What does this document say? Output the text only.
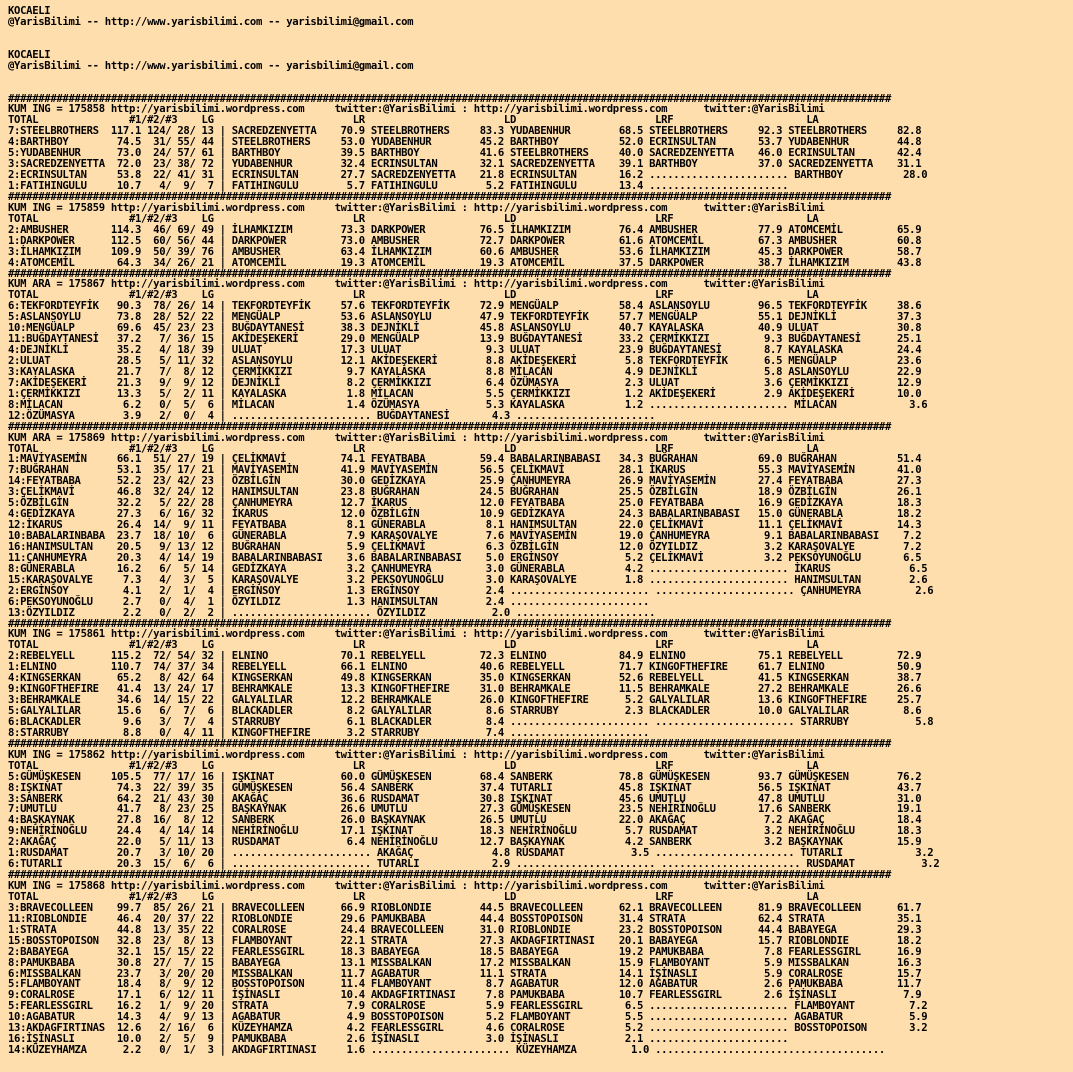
KOCAELI
@YarisBilimi -- http://www.yarisbilimi.com -- yarisbilimi@gmail.com
KOCAELI
@YarisBilimi -- http://www.yarisbilimi.com -- yarisbilimi@gmail.com
##################################################################################################################################################
KUM ING = 175858 http://yarisbilimi.wordpress.com     twitter:@YarisBilimi : http://yarisbilimi.wordpress.com      twitter:@YarisBilimi
TOTAL               #1/#2/#3    LG                       LR                       LD                       LRF                      LA
7:STEELBROTHERS  117.1 124/ 28/ 13 | SACREDZENYETTA    70.9 STEELBROTHERS     83.3 YUDABENHUR        68.5 STEELBROTHERS     92.3 STEELBROTHERS     82.8
4:BARTHBOY        74.5  31/ 55/ 44 | STEELBROTHERS     53.0 YUDABENHUR        45.2 BARTHBOY          52.0 ECRINSULTAN       53.7 YUDABENHUR        44.8
5:YUDABENHUR      73.0  24/ 57/ 61 | BARTHBOY          39.5 BARTHBOY          41.6 STEELBROTHERS     40.0 SACREDZENYETTA    46.0 ECRINSULTAN       42.4
3:SACREDZENYETTA  72.0  23/ 38/ 72 | YUDABENHUR        32.4 ECRINSULTAN       32.1 SACREDZENYETTA    39.1 BARTHBOY          37.0 SACREDZENYETTA    31.1
2:ECRINSULTAN     53.8  22/ 41/ 31 | ECRINSULTAN       27.7 SACREDZENYETTA    21.8 ECRINSULTAN       16.2 ....................... BARTHBOY          28.0
1:FATIHINGULU     10.7   4/  9/  7 | FATIHINGULU        5.7 FATIHINGULU        5.2 FATIHINGULU       13.4 .......................
##################################################################################################################################################
KUM ING = 175859 http://yarisbilimi.wordpress.com     twitter:@YarisBilimi : http://yarisbilimi.wordpress.com      twitter:@YarisBilimi
TOTAL               #1/#2/#3    LG                       LR                       LD                       LRF                      LA
2:AMBUSHER       114.3  46/ 69/ 49 | İLHAMKIZIM        73.3 DARKPOWER         76.5 İLHAMKIZIM        76.4 AMBUSHER          77.9 ATOMCEMİL         65.9
1:DARKPOWER      112.5  60/ 56/ 44 | DARKPOWER         73.0 AMBUSHER          72.7 DARKPOWER         61.6 ATOMCEMİL         67.3 AMBUSHER          60.8
3:İLHAMKIZIM     109.9  50/ 39/ 76 | AMBUSHER          63.4 İLHAMKIZIM        60.6 AMBUSHER          53.6 İLHAMKIZIM        45.3 DARKPOWER         58.7
4:ATOMCEMİL       64.3  34/ 26/ 21 | ATOMCEMİL         19.3 ATOMCEMİL         19.3 ATOMCEMİL         37.5 DARKPOWER         38.7 İLHAMKIZIM        43.8
##################################################################################################################################################
KUM ARA = 175867 http://yarisbilimi.wordpress.com     twitter:@YarisBilimi : http://yarisbilimi.wordpress.com      twitter:@YarisBilimi
TOTAL               #1/#2/#3    LG                       LR                       LD                       LRF                      LA
6:TEKFORDTEYFİK   90.3  78/ 26/ 14 | TEKFORDTEYFİK     57.6 TEKFORDTEYFİK     72.9 MENGÜALP          58.4 ASLANSOYLU        96.5 TEKFORDTEYFİK     38.6
5:ASLANSOYLU      73.8  28/ 52/ 22 | MENGÜALP          53.6 ASLANSOYLU        47.9 TEKFORDTEYFİK     57.7 MENGÜALP          55.1 DEJNİKLİ          37.3
10:MENGÜALP       69.6  45/ 23/ 23 | BUĞDAYTANESİ      38.3 DEJNİKLİ          45.8 ASLANSOYLU        40.7 KAYALASKA         40.9 ULUAT             30.8
11:BUĞDAYTANESİ   37.2   7/ 36/ 15 | AKİDEŞEKERİ       29.0 MENGÜALP          13.9 BUĞDAYTANESİ      33.2 ÇERMİKKIZI         9.3 BUĞDAYTANESİ      25.1
4:DEJNİKLİ        35.2   4/ 18/ 39 | ULUAT             17.3 ULUAT              9.3 ULUAT             23.9 BUĞDAYTANESİ       8.7 KAYALASKA         24.4
2:ULUAT           28.5   5/ 11/ 32 | ASLANSOYLU        12.1 AKİDEŞEKERİ        8.8 AKİDEŞEKERİ        5.8 TEKFORDTEYFİK      6.5 MENGÜALP          23.6
3:KAYALASKA       21.7   7/  8/ 12 | ÇERMİKKIZI         9.7 KAYALASKA          8.8 MİLACAN            4.9 DEJNİKLİ           5.8 ASLANSOYLU        22.9
7:AKİDEŞEKERİ     21.3   9/  9/ 12 | DEJNİKLİ           8.2 ÇERMİKKIZI         6.4 ÖZÜMASYA           2.3 ULUAT              3.6 ÇERMİKKIZI        12.9
1:ÇERMİKKIZI      13.3   5/  2/ 11 | KAYALASKA          1.8 MİLACAN            5.5 ÇERMİKKIZI         1.2 AKİDEŞEKERİ        2.9 AKİDEŞEKERİ       10.0
8:MİLACAN          6.2   0/  5/  6 | MİLACAN            1.4 ÖZÜMASYA           5.3 KAYALASKA          1.2 ....................... MİLACAN            3.6
12:ÖZÜMASYA        3.9   2/  0/  4 | ....................... BUĞDAYTANESİ       4.3 .......................
##################################################################################################################################################
KUM ARA = 175869 http://yarisbilimi.wordpress.com     twitter:@YarisBilimi : http://yarisbilimi.wordpress.com      twitter:@YarisBilimi
TOTAL               #1/#2/#3    LG                       LR                       LD                       LRF                      LA
1:MAVİYASEMİN     66.1  51/ 27/ 19 | ÇELİKMAVİ         74.1 FEYATBABA         59.4 BABALARINBABASI   34.3 BUĞRAHAN          69.0 BUĞRAHAN          51.4
7:BUĞRAHAN        53.1  35/ 17/ 21 | MAVİYASEMİN       41.9 MAVİYASEMİN       56.5 ÇELİKMAVİ         28.1 İKARUS            55.3 MAVİYASEMİN       41.0
14:FEYATBABA      52.2  23/ 42/ 23 | ÖZBİLGİN          30.0 GEDİZKAYA         25.9 ÇANHUMEYRA        26.9 MAVİYASEMİN       27.4 FEYATBABA         27.3
3:ÇELİKMAVİ       46.8  32/ 24/ 12 | HANIMSULTAN       23.8 BUĞRAHAN          24.5 BUĞRAHAN          25.5 ÖZBİLGİN          18.9 ÖZBİLGİN          26.1
5:ÖZBİLGİN        32.2   5/ 22/ 28 | ÇANHUMEYRA        12.7 İKARUS            12.0 FEYATBABA         25.0 FEYATBABA         16.9 GEDİZKAYA         18.3
4:GEDİZKAYA       27.3   6/ 16/ 32 | İKARUS            12.0 ÖZBİLGİN          10.9 GEDİZKAYA         24.3 BABALARINBABASI   15.0 GÜNERABLA         18.2
12:İKARUS         26.4  14/  9/ 11 | FEYATBABA          8.1 GÜNERABLA          8.1 HANIMSULTAN       22.0 ÇELİKMAVİ         11.1 ÇELİKMAVİ         14.3
10:BABALARINBABA  23.7  18/ 10/  6 | GÜNERABLA          7.9 KARAŞOVALYE        7.6 MAVİYASEMİN       19.0 ÇANHUMEYRA         9.1 BABALARINBABASI    7.2
16:HANIMSULTAN    20.5   9/ 13/ 12 | BUĞRAHAN           5.9 ÇELİKMAVİ          6.3 ÖZBİLGİN          12.0 ÖZYILDIZ           3.2 KARAŞOVALYE        7.2
11:ÇANHUMEYRA     20.3   4/ 14/ 19 | BABALARINBABASI    3.6 BABALARINBABASI    5.0 ERGİNSOY           5.2 ÇELİKMAVİ          3.2 PEKSOYUNOĞLU       6.5
8:GÜNERABLA       16.2   6/  5/ 14 | GEDİZKAYA          3.2 ÇANHUMEYRA         3.0 GÜNERABLA          4.2 ....................... İKARUS             6.5
15:KARAŞOVALYE     7.3   4/  3/  5 | KARAŞOVALYE        3.2 PEKSOYUNOĞLU       3.0 KARAŞOVALYE        1.8 ....................... HANIMSULTAN        2.6
2:ERGİNSOY         4.1   2/  1/  4 | ERGİNSOY           1.3 ERGİNSOY           2.4 ....................... ....................... ÇANHUMEYRA         2.6
6:PEKSOYUNOĞLU     2.7   0/  4/  1 | ÖZYILDIZ           1.3 HANIMSULTAN        2.4 .......................
13:ÖZYILDIZ        2.2   0/  2/  2 | ....................... ÖZYILDIZ           2.0 .......................
##################################################################################################################################################
KUM ING = 175861 http://yarisbilimi.wordpress.com     twitter:@YarisBilimi : http://yarisbilimi.wordpress.com      twitter:@YarisBilimi
TOTAL               #1/#2/#3    LG                       LR                       LD                       LRF                      LA
2:REBELYELL      115.2  72/ 54/ 32 | ELNINO            70.1 REBELYELL         72.3 ELNINO            84.9 ELNINO            75.1 REBELYELL         72.9
1:ELNINO         110.7  74/ 37/ 34 | REBELYELL         66.1 ELNINO            40.6 REBELYELL         71.7 KINGOFTHEFIRE     61.7 ELNINO            50.9
4:KINGSERKAN      65.2   8/ 42/ 64 | KINGSERKAN        49.8 KINGSERKAN        35.0 KINGSERKAN        52.6 REBELYELL         41.5 KINGSERKAN        38.7
9:KINGOFTHEFIRE   41.4  13/ 24/ 17 | BEHRAMKALE        13.3 KINGOFTHEFIRE     31.0 BEHRAMKALE        11.5 BEHRAMKALE        27.2 BEHRAMKALE        26.6
3:BEHRAMKALE      34.6  14/ 15/ 22 | GALYALILAR        12.2 BEHRAMKALE        26.0 KINGOFTHEFIRE      5.2 GALYALILAR        13.6 KINGOFTHEFIRE     25.7
5:GALYALILAR      15.6   6/  7/  6 | BLACKADLER         8.2 GALYALILAR         8.6 STARRUBY           2.3 BLACKADLER        10.0 GALYALILAR         8.6
6:BLACKADLER       9.6   3/  7/  4 | STARRUBY           6.1 BLACKADLER         8.4 ....................... ....................... STARRUBY           5.8
8:STARRUBY         8.8   0/  4/ 11 | KINGOFTHEFIRE      3.2 STARRUBY           7.4 .......................
##################################################################################################################################################
KUM ING = 175862 http://yarisbilimi.wordpress.com     twitter:@YarisBilimi : http://yarisbilimi.wordpress.com      twitter:@YarisBilimi
TOTAL               #1/#2/#3    LG                       LR                       LD                       LRF                      LA
5:GÜMÜŞKESEN     105.5  77/ 17/ 16 | IŞKINAT           60.0 GÜMÜŞKESEN        68.4 SANBERK           78.8 GÜMÜŞKESEN        93.7 GÜMÜŞKESEN        76.2
8:IŞKINAT         74.3  22/ 39/ 35 | GÜMÜŞKESEN        56.4 SANBERK           37.4 TUTARLI           45.8 IŞKINAT           56.5 IŞKINAT           43.7
3:SANBERK         64.2  21/ 43/ 30 | AKAĞAÇ            36.6 RUSDAMAT          30.8 IŞKINAT           45.6 UMUTLU            47.8 UMUTLU            31.0
7:UMUTLU          41.7   8/ 23/ 25 | BAŞKAYNAK         26.6 UMUTLU            27.3 GÜMÜŞKESEN        23.5 NEHİRİNOĞLU       17.6 SANBERK           19.1
4:BAŞKAYNAK       27.8  16/  8/ 12 | SANBERK           26.0 BAŞKAYNAK         26.5 UMUTLU            22.0 AKAĞAÇ             7.2 AKAĞAÇ            18.4
9:NEHİRİNOĞLU     24.4   4/ 14/ 14 | NEHİRİNOĞLU       17.1 IŞKINAT           18.3 NEHİRİNOĞLU        5.7 RUSDAMAT           3.2 NEHİRİNOĞLU       18.3
2:AKAĞAÇ          22.0   5/ 11/ 13 | RUSDAMAT           6.4 NEHİRİNOĞLU       12.7 BAŞKAYNAK          4.2 SANBERK            3.2 BAŞKAYNAK         15.9
1:RUSDAMAT        20.7   3/ 10/ 20 | ....................... AKAĞAÇ             4.8 RUSDAMAT           3.5 ....................... TUTARLI            3.2
6:TUTARLI         20.3  15/  6/  6 | ....................... TUTARLI            2.9 ....................... ....................... RUSDAMAT           3.2
##################################################################################################################################################
KUM ING = 175868 http://yarisbilimi.wordpress.com     twitter:@YarisBilimi : http://yarisbilimi.wordpress.com      twitter:@YarisBilimi
TOTAL               #1/#2/#3    LG                       LR                       LD                       LRF                      LA
3:BRAVECOLLEEN    99.7  85/ 26/ 21 | BRAVECOLLEEN      66.9 RIOBLONDIE        44.5 BRAVECOLLEEN      62.1 BRAVECOLLEEN      81.9 BRAVECOLLEEN      61.7
11:RIOBLONDIE     46.4  20/ 37/ 22 | RIOBLONDIE        29.6 PAMUKBABA         44.4 BOSSTOPOISON      31.4 STRATA            62.4 STRATA            35.1
1:STRATA          44.8  13/ 35/ 22 | CORALROSE         24.4 BRAVECOLLEEN      31.0 RIOBLONDIE        23.2 BOSSTOPOISON      44.4 BABAYEGA          29.3
15:BOSSTOPOISON   32.8  23/  8/ 13 | FLAMBOYANT        22.1 STRATA            27.3 AKDAGFIRTINASI    20.1 BABAYEGA          15.7 RIOBLONDIE        18.2
2:BABAYEGA        32.1  15/ 15/ 22 | FEARLESSGIRL      18.3 BABAYEGA          18.5 BABAYEGA          19.2 PAMUKBABA          7.8 FEARLESSGIRL      16.9
8:PAMUKBABA       30.8  27/  7/ 15 | BABAYEGA          13.1 MISSBALKAN        17.2 MISSBALKAN        15.9 FLAMBOYANT         5.9 MISSBALKAN        16.3
6:MISSBALKAN      23.7   3/ 20/ 20 | MISSBALKAN        11.7 AGABATUR          11.1 STRATA            14.1 İŞİNASLI           5.9 CORALROSE         15.7
5:FLAMBOYANT      18.4   8/  9/ 12 | BOSSTOPOISON      11.4 FLAMBOYANT         8.7 AGABATUR          12.0 AGABATUR           2.6 PAMUKBABA         11.7
9:CORALROSE       17.1   6/ 12/ 11 | İŞİNASLI          10.4 AKDAGFIRTINASI     7.8 PAMUKBABA         10.7 FEARLESSGIRL       2.6 İŞİNASLI           7.9
5:FEARLESSGIRL    16.2   1/  9/ 20 | STRATA             7.9 CORALROSE          5.9 FEARLESSGIRL       6.5 ....................... FLAMBOYANT         7.2
10:AGABATUR       14.3   4/  9/ 13 | AGABATUR           4.9 BOSSTOPOISON       5.2 FLAMBOYANT         5.5 ....................... AGABATUR           5.9
13:AKDAGFIRTINAS  12.6   2/ 16/  6 | KÜZEYHAMZA         4.2 FEARLESSGIRL       4.6 CORALROSE          5.2 ....................... BOSSTOPOISON       3.2
16:İŞİNASLI       10.0   2/  5/  9 | PAMUKBABA          2.6 İŞİNASLI           3.0 İŞİNASLI           2.1 .......................
14:KÜZEYHAMZA      2.2   0/  1/  3 | AKDAGFIRTINASI     1.6 ....................... KÜZEYHAMZA         1.0 ......................................
